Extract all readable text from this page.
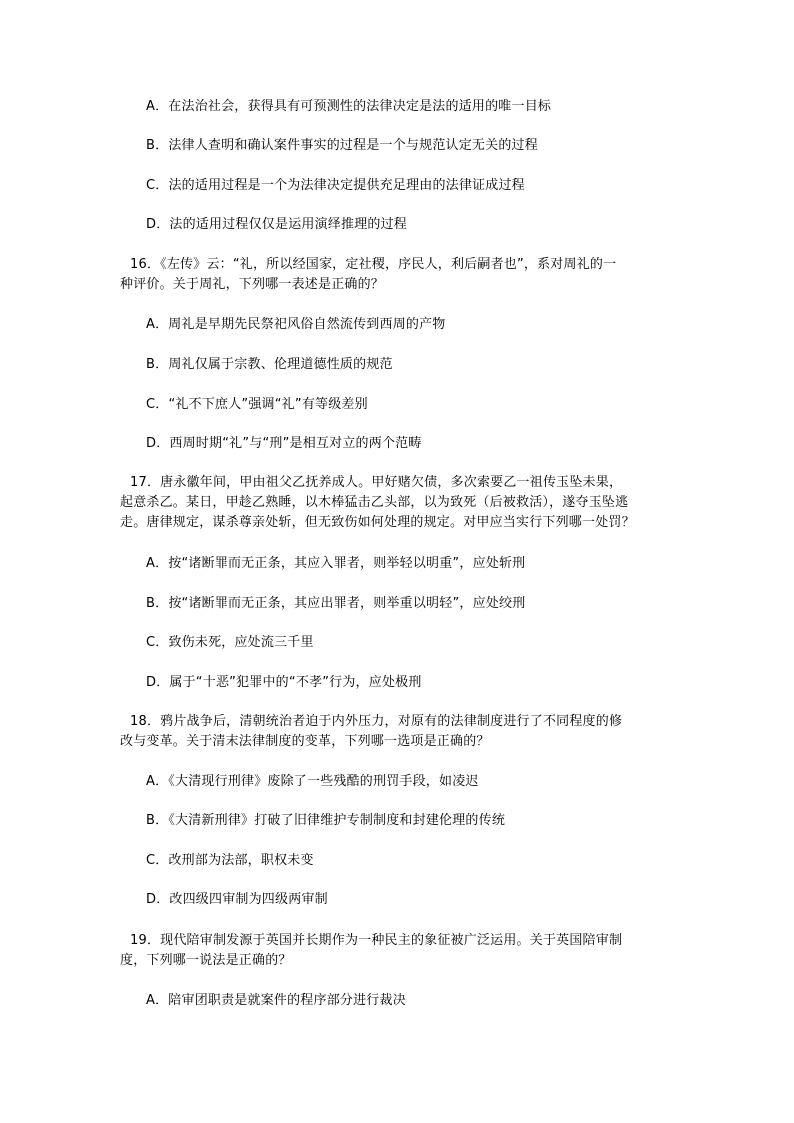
A．在法治社会，获得具有可预测性的法律决定是法的适用的唯一目标
B．法律人查明和确认案件事实的过程是一个与规范认定无关的过程
C．法的适用过程是一个为法律决定提供充足理由的法律证成过程
D．法的适用过程仅仅是运用演绎推理的过程
16．《左传》云：“礼，所以经国家，定社稷，序民人，利后嗣者也”，系对周礼的一
种评价。关于周礼，下列哪一表述是正确的？
A．周礼是早期先民祭祀风俗自然流传到西周的产物
B．周礼仅属于宗教、伦理道德性质的规范
C．“礼不下庶人”强调“礼”有等级差别
D．西周时期“礼”与“刑”是相互对立的两个范畴
17．唐永徽年间，甲由祖父乙抚养成人。甲好赌欠债，多次索要乙一祖传玉坠未果，
起意杀乙。某日，甲趁乙熟睡，以木棒猛击乙头部，以为致死（后被救活），遂夺玉坠逃
走。唐律规定，谋杀尊亲处斩，但无致伤如何处理的规定。对甲应当实行下列哪一处罚？
A．按“诸断罪而无正条，其应入罪者，则举轻以明重”，应处斩刑
B．按“诸断罪而无正条，其应出罪者，则举重以明轻”，应处绞刑
C．致伤未死，应处流三千里
D．属于“十恶”犯罪中的“不孝”行为，应处极刑
18．鸦片战争后，清朝统治者迫于内外压力，对原有的法律制度进行了不同程度的修
改与变革。关于清末法律制度的变革，下列哪一选项是正确的？
A．《大清现行刑律》废除了一些残酷的刑罚手段，如凌迟
B．《大清新刑律》打破了旧律维护专制制度和封建伦理的传统
C．改刑部为法部，职权未变
D．改四级四审制为四级两审制
19．现代陪审制发源于英国并长期作为一种民主的象征被广泛运用。关于英国陪审制
度，下列哪一说法是正确的？
A．陪审团职责是就案件的程序部分进行裁决
